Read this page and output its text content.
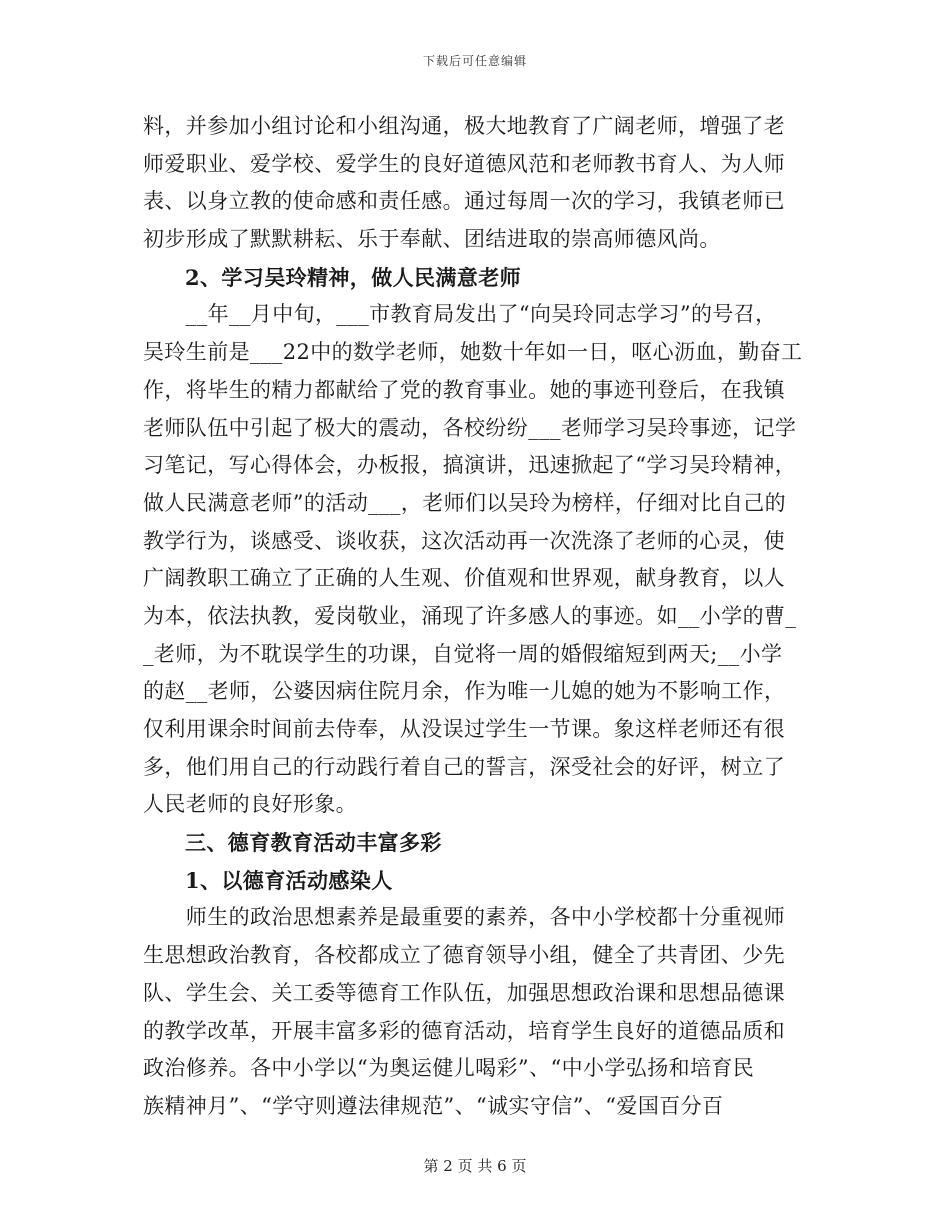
下载后可任意编辑
料，并参加小组讨论和小组沟通，极大地教育了广阔老师，增强了老
师爱职业、爱学校、爱学生的良好道德风范和老师教书育人、为人师
表、以身立教的使命感和责任感。通过每周一次的学习，我镇老师已
初步形成了默默耕耘、乐于奉献、团结进取的崇高师德风尚。
2、学习吴玲精神，做人民满意老师
　　__年__月中旬，___市教育局发出了“向吴玲同志学习”的号召，
吴玲生前是___22中的数学老师，她数十年如一日，呕心沥血，勤奋工
作，将毕生的精力都献给了党的教育事业。她的事迹刊登后，在我镇
老师队伍中引起了极大的震动，各校纷纷___老师学习吴玲事迹，记学
习笔记，写心得体会，办板报，搞演讲，迅速掀起了“学习吴玲精神，
做人民满意老师”的活动___，老师们以吴玲为榜样，仔细对比自己的
教学行为，谈感受、谈收获，这次活动再一次洗涤了老师的心灵，使
广阔教职工确立了正确的人生观、价值观和世界观，献身教育，以人
为本，依法执教，爱岗敬业，涌现了许多感人的事迹。如__小学的曹_
_老师，为不耽误学生的功课，自觉将一周的婚假缩短到两天;__小学
的赵__老师，公婆因病住院月余，作为唯一儿媳的她为不影响工作，
仅利用课余时间前去侍奉，从没误过学生一节课。象这样老师还有很
多，他们用自己的行动践行着自己的誓言，深受社会的好评，树立了
人民老师的良好形象。
三、德育教育活动丰富多彩
1、以德育活动感染人
　　师生的政治思想素养是最重要的素养，各中小学校都十分重视师
生思想政治教育，各校都成立了德育领导小组，健全了共青团、少先
队、学生会、关工委等德育工作队伍，加强思想政治课和思想品德课
的教学改革，开展丰富多彩的德育活动，培育学生良好的道德品质和
政治修养。各中小学以“为奥运健儿喝彩”、“中小学弘扬和培育民
族精神月”、“学守则遵法律规范”、“诚实守信”、“爱国百分百
第 2 页 共 6 页
